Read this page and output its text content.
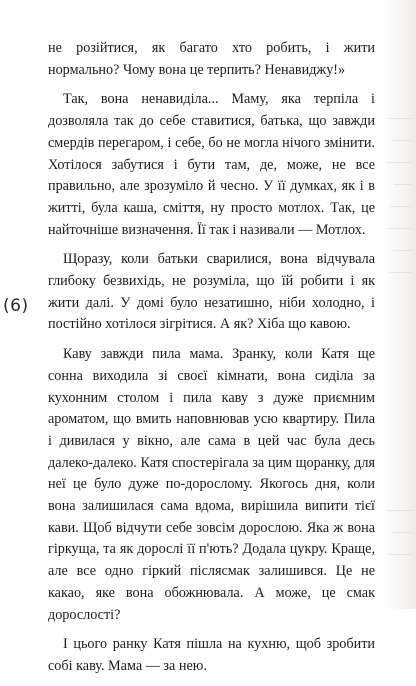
(6)

не розійтися, як багато хто робить, і жити нормально? Чому вона це терпить? Ненавиджу!»

Так, вона ненавиділа... Маму, яка терпіла і дозволяла так до себе ставитися, батька, що завжди смердів перегаром, і себе, бо не могла нічого змінити. Хотілося забутися і бути там, де, може, не все правильно, але зрозуміло й чесно. У її думках, як і в житті, була каша, сміття, ну просто мотлох. Так, це найточніше визначення. Її так і називали — Мотлох.

Щоразу, коли батьки сварилися, вона відчувала глибоку безвихідь, не розуміла, що їй робити і як жити далі. У домі було незатишно, ніби холодно, і постійно хотілося зігрітися. А як? Хіба що кавою.

Каву завжди пила мама. Зранку, коли Катя ще сонна виходила зі своєї кімнати, вона сиділа за кухонним столом і пила каву з дуже приємним ароматом, що вмить наповнював усю квартиру. Пила і дивилася у вікно, але сама в цей час була десь далеко-далеко. Катя спостерігала за цим щоранку, для неї це було дуже по-дорослому. Якогось дня, коли вона залишилася сама вдома, вирішила випити тієї кави. Щоб відчути себе зовсім дорослою. Яка ж вона гіркуща, та як дорослі її п'ють? Додала цукру. Краще, але все одно гіркий післясмак залишився. Це не какао, яке вона обожнювала. А може, це смак дорослості?

І цього ранку Катя пішла на кухню, щоб зробити собі каву. Мама — за нею.
